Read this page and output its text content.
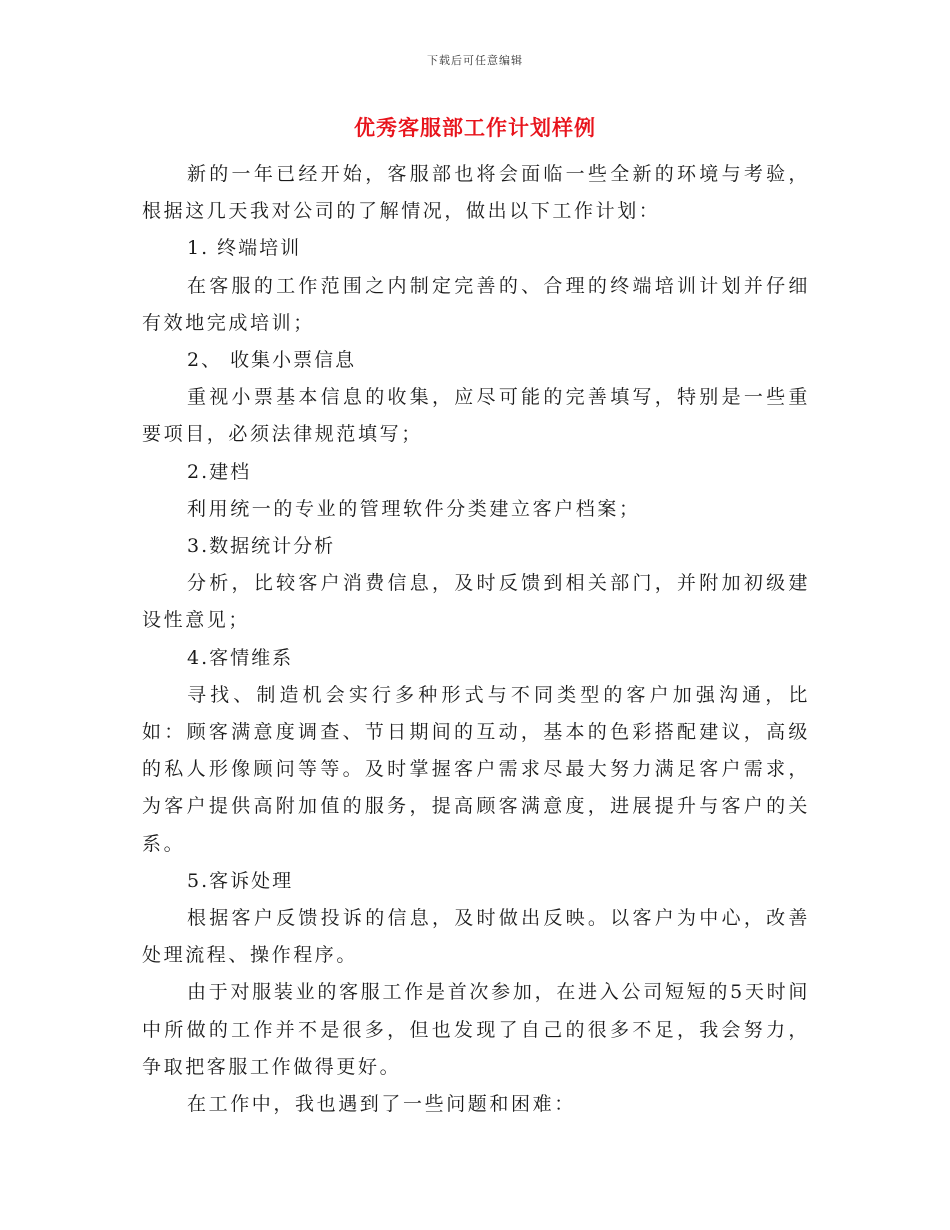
下载后可任意编辑
优秀客服部工作计划样例

新的一年已经开始，客服部也将会面临一些全新的环境与考验，根据这几天我对公司的了解情况，做出以下工作计划：

1. 终端培训

在客服的工作范围之内制定完善的、合理的终端培训计划并仔细有效地完成培训；

2、 收集小票信息

重视小票基本信息的收集，应尽可能的完善填写，特别是一些重要项目，必须法律规范填写；

2.建档

利用统一的专业的管理软件分类建立客户档案；

3.数据统计分析

分析，比较客户消费信息，及时反馈到相关部门，并附加初级建设性意见；

4.客情维系

寻找、制造机会实行多种形式与不同类型的客户加强沟通，比如：顾客满意度调查、节日期间的互动，基本的色彩搭配建议，高级的私人形像顾问等等。及时掌握客户需求尽最大努力满足客户需求，为客户提供高附加值的服务，提高顾客满意度，进展提升与客户的关系。

5.客诉处理

根据客户反馈投诉的信息，及时做出反映。以客户为中心，改善处理流程、操作程序。

由于对服装业的客服工作是首次参加，在进入公司短短的5天时间中所做的工作并不是很多，但也发现了自己的很多不足，我会努力，争取把客服工作做得更好。

在工作中，我也遇到了一些问题和困难：
